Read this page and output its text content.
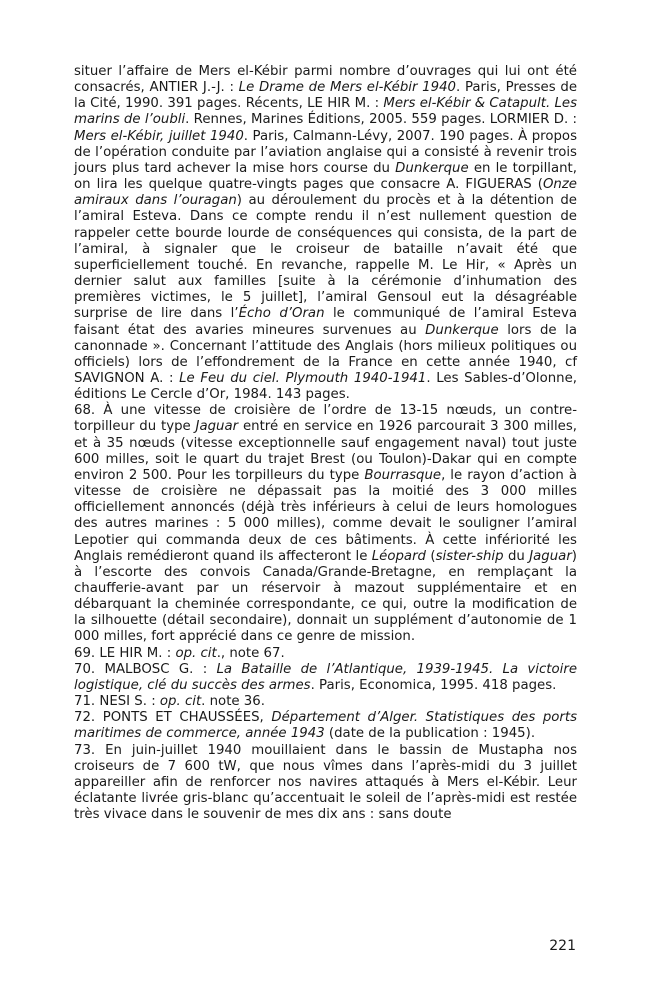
situer l’affaire de Mers el-Kébir parmi nombre d’ouvrages qui lui ont été consacrés, ANTIER J.-J. : Le Drame de Mers el-Kébir 1940. Paris, Presses de la Cité, 1990. 391 pages. Récents, LE HIR M. : Mers el-Kébir & Catapult. Les marins de l’oubli. Rennes, Marines Éditions, 2005. 559 pages. LORMIER D. : Mers el-Kébir, juillet 1940. Paris, Calmann-Lévy, 2007. 190 pages. À propos de l’opération conduite par l’aviation anglaise qui a consisté à revenir trois jours plus tard achever la mise hors course du Dunkerque en le torpillant, on lira les quelque quatre-vingts pages que consacre A. FIGUERAS (Onze amiraux dans l’ouragan) au déroulement du procès et à la détention de l’amiral Esteva. Dans ce compte rendu il n’est nullement question de rappeler cette bourde lourde de conséquences qui consista, de la part de l’amiral, à signaler que le croiseur de bataille n’avait été que superficiellement touché. En revanche, rappelle M. Le Hir, « Après un dernier salut aux familles [suite à la cérémonie d’inhumation des premières victimes, le 5 juillet], l’amiral Gensoul eut la désagréable surprise de lire dans l’Écho d’Oran le communiqué de l’amiral Esteva faisant état des avaries mineures survenues au Dunkerque lors de la canonnade ». Concernant l’attitude des Anglais (hors milieux politiques ou officiels) lors de l’effondrement de la France en cette année 1940, cf SAVIGNON A. : Le Feu du ciel. Plymouth 1940-1941. Les Sables-d’Olonne, éditions Le Cercle d’Or, 1984. 143 pages.

68. À une vitesse de croisière de l’ordre de 13-15 nœuds, un contre-torpilleur du type Jaguar entré en service en 1926 parcourait 3 300 milles, et à 35 nœuds (vitesse exceptionnelle sauf engagement naval) tout juste 600 milles, soit le quart du trajet Brest (ou Toulon)-Dakar qui en compte environ 2 500. Pour les torpilleurs du type Bourrasque, le rayon d’action à vitesse de croisière ne dépassait pas la moitié des 3 000 milles officiellement annoncés (déjà très inférieurs à celui de leurs homologues des autres marines : 5 000 milles), comme devait le souligner l’amiral Lepotier qui commanda deux de ces bâtiments. À cette infériorité les Anglais remédieront quand ils affecteront le Léopard (sister-ship du Jaguar) à l’escorte des convois Canada/Grande-Bretagne, en remplaçant la chaufferie-avant par un réservoir à mazout supplémentaire et en débarquant la cheminée correspondante, ce qui, outre la modification de la silhouette (détail secondaire), donnait un supplément d’autonomie de 1 000 milles, fort apprécié dans ce genre de mission.

69. LE HIR M. : op. cit., note 67.

70. MALBOSC G. : La Bataille de l’Atlantique, 1939-1945. La victoire logistique, clé du succès des armes. Paris, Economica, 1995. 418 pages.

71. NESI S. : op. cit. note 36.

72. PONTS ET CHAUSSÉES, Département d’Alger. Statistiques des ports maritimes de commerce, année 1943 (date de la publication : 1945).

73. En juin-juillet 1940 mouillaient dans le bassin de Mustapha nos croiseurs de 7 600 tW, que nous vîmes dans l’après-midi du 3 juillet appareiller afin de renforcer nos navires attaqués à Mers el-Kébir. Leur éclatante livrée gris-blanc qu’accentuait le soleil de l’après-midi est restée très vivace dans le souvenir de mes dix ans : sans doute

221
